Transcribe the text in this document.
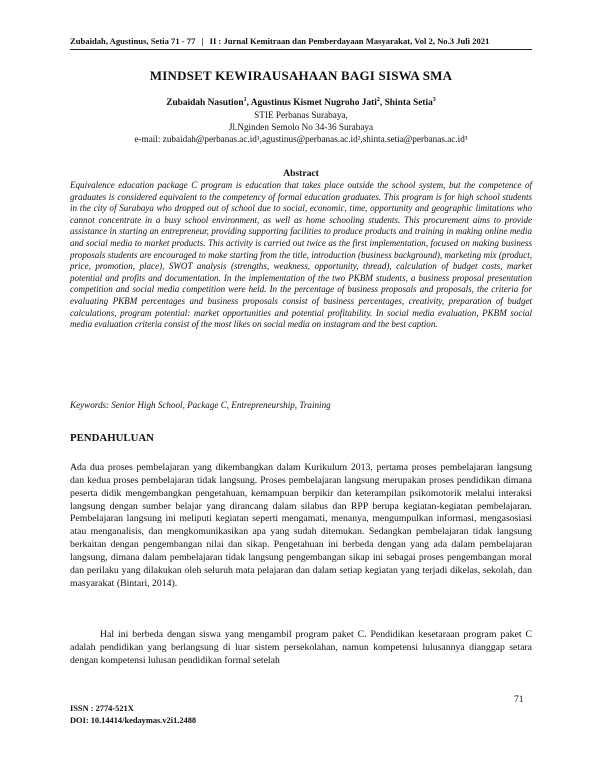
Zubaidah, Agustinus, Setia 71 - 77 | II : Jurnal Kemitraan dan Pemberdayaan Masyarakat, Vol 2, No.3 Juli 2021
MINDSET KEWIRAUSAHAAN BAGI SISWA SMA
Zubaidah Nasution$^1$, Agustinus Kismet Nugroho Jati$^2$, Shinta Setia$^3$
STIE Perbanas Surabaya,
Jl.Nginden Semolo No 34-36 Surabaya
e-mail: zubaidah@perbanas.ac.id¹,agustinus@perbanas.ac.id²,shinta.setia@perbanas.ac.id³
Abstract

Equivalence education package C program is education that takes place outside the school system, but the competence of graduates is considered equivalent to the competency of formal education graduates. This program is for high school students in the city of Surabaya who dropped out of school due to social, economic, time, opportunity and geographic limitations who cannot concentrate in a busy school environment, as well as home schooling students. This procurement aims to provide assistance in starting an entrepreneur, providing supporting facilities to produce products and training in making online media and social media to market products. This activity is carried out twice as the first implementation, focused on making business proposals students are encouraged to make starting from the title, introduction (business background), marketing mix (product, price, promotion, place), SWOT analysis (strengths, weakness, opportunity, thread), calculation of budget costs, market potential and profits and documentation. In the implementation of the two PKBM students, a business proposal presentation competition and social media competition were held. In the percentage of business proposals and proposals, the criteria for evaluating PKBM percentages and business proposals consist of business percentages, creativity, preparation of budget calculations, program potential: market opportunities and potential profitability. In social media evaluation, PKBM social media evaluation criteria consist of the most likes on social media on instagram and the best caption.

Keywords: Senior High School, Package C, Entrepreneurship, Training

PENDAHULUAN

Ada dua proses pembelajaran yang dikembangkan dalam Kurikulum 2013, pertama proses pembelajaran langsung dan kedua proses pembelajaran tidak langsung. Proses pembelajaran langsung merupakan proses pendidikan dimana peserta didik mengembangkan pengetahuan, kemampuan berpikir dan keterampilan psikomotorik melalui interaksi langsung dengan sumber belajar yang dirancang dalam silabus dan RPP berupa kegiatan-kegiatan pembelajaran. Pembelajaran langsung ini meliputi kegiatan seperti mengamati, menanya, mengumpulkan informasi, mengasosiasi atau menganalisis, dan mengkomunikasikan apa yang sudah ditemukan. Sedangkan pembelajaran tidak langsung berkaitan dengan pengembangan nilai dan sikap. Pengetahuan ini berbeda dengan yang ada dalam pembelajaran langsung, dimana dalam pembelajaran tidak langsung pengembangan sikap ini sebagai proses pengembangan moral dan perilaku yang dilakukan oleh seluruh mata pelajaran dan dalam setiap kegiatan yang terjadi dikelas, sekolah, dan masyarakat (Bintari, 2014).

Hal ini berbeda dengan siswa yang mengambil program paket C. Pendidikan kesetaraan program paket C adalah pendidikan yang berlangsung di luar sistem persekolahan, namun kompetensi lulusannya dianggap setara dengan kompetensi lulusan pendidikan formal setelah

71
ISSN : 2774-521X
DOI: 10.14414/kedaymas.v2i1.2488
